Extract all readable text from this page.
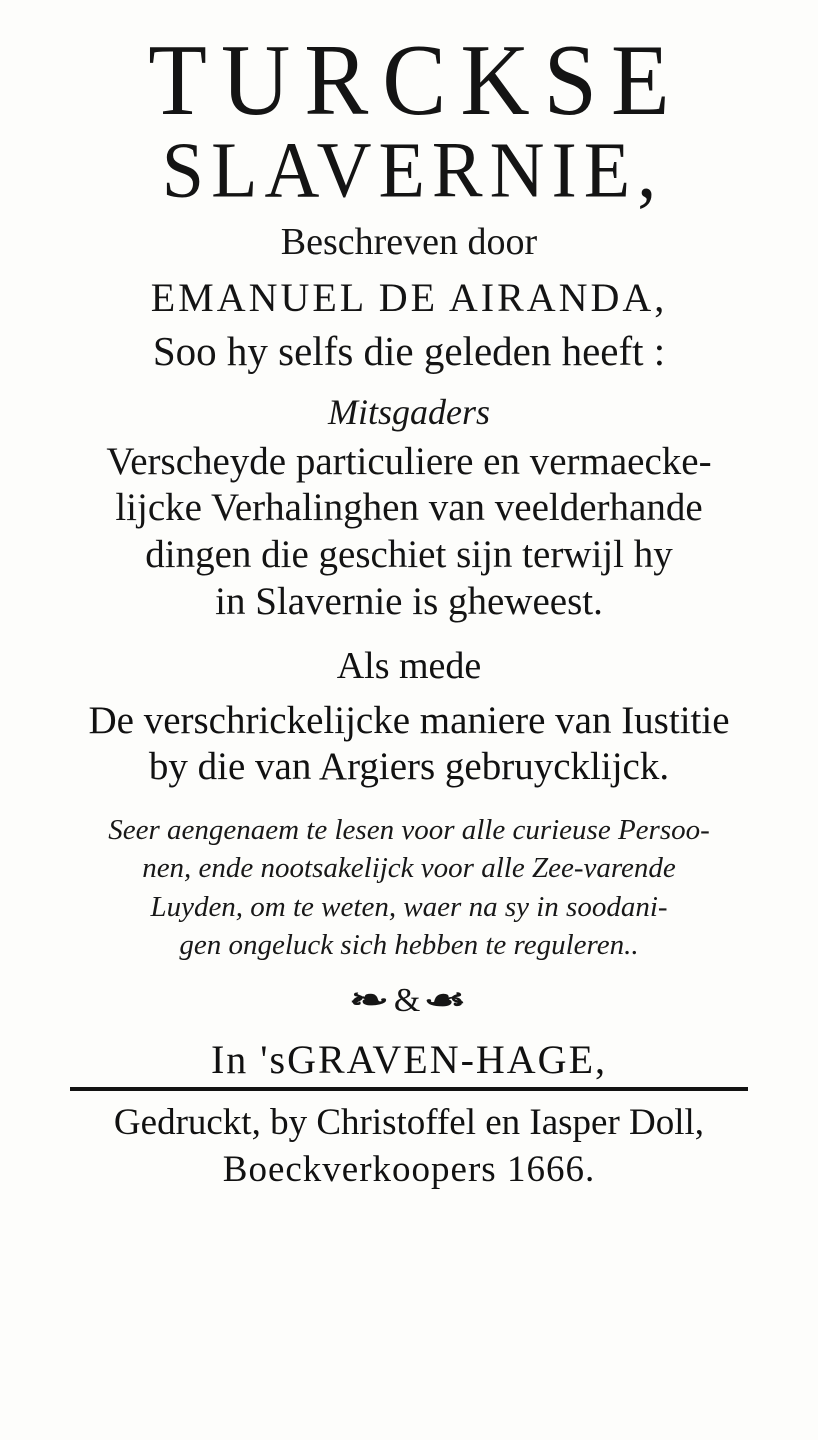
TURCKSE
SLAVERNIE,
Beschreven door
EMANUEL DE AIRANDA,
Soo hy selfs die geleden heeft :
Mitsgaders
Verscheyde particuliere en vermaecke-
lijcke Verhalinghen van veelderhande
dingen die geschiet sijn terwijl hy
in Slavernie is gheweest.
Als mede
De verschrickelijcke maniere van Iustitie
by die van Argiers gebruycklijck.
Seer aengenaem te lesen voor alle curieuse Persoo-
nen, ende nootsakelijck voor alle Zee-varende
Luyden, om te weten, waer na sy in soodani-
gen ongeluck sich hebben te reguleren..
❧ & ☙
In 'sGRAVEN-HAGE,
Gedruckt, by Christoffel en Iasper Doll,
Boeckverkoopers 1666.
